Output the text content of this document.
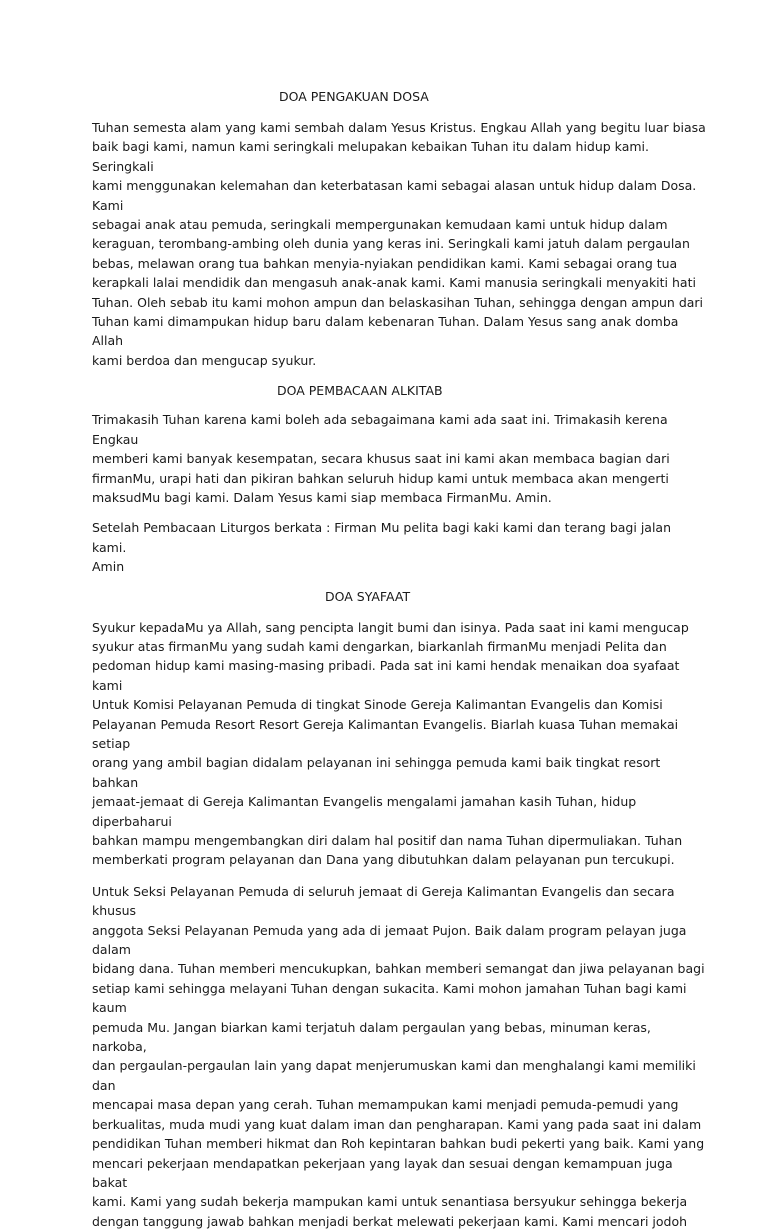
DOA PENGAKUAN DOSA

Tuhan semesta alam yang kami sembah dalam Yesus Kristus. Engkau Allah yang begitu luar biasa
baik bagi kami, namun kami seringkali melupakan kebaikan Tuhan itu dalam hidup kami. Seringkali
kami menggunakan kelemahan dan keterbatasan kami sebagai alasan untuk hidup dalam Dosa. Kami
sebagai anak atau pemuda, seringkali mempergunakan kemudaan kami untuk hidup dalam
keraguan, terombang-ambing oleh dunia yang keras ini. Seringkali kami jatuh dalam pergaulan
bebas, melawan orang tua bahkan menyia-nyiakan pendidikan kami. Kami sebagai orang tua
kerapkali lalai mendidik dan mengasuh anak-anak kami. Kami manusia seringkali menyakiti hati
Tuhan. Oleh sebab itu kami mohon ampun dan belaskasihan Tuhan, sehingga dengan ampun dari
Tuhan kami dimampukan hidup baru dalam kebenaran Tuhan. Dalam Yesus sang anak domba Allah
kami berdoa dan mengucap syukur.

DOA PEMBACAAN ALKITAB

Trimakasih Tuhan karena kami boleh ada sebagaimana kami ada saat ini. Trimakasih kerena Engkau
memberi kami banyak kesempatan, secara khusus saat ini kami akan membaca bagian dari
firmanMu, urapi hati dan pikiran bahkan seluruh hidup kami untuk membaca akan mengerti
maksudMu bagi kami. Dalam Yesus kami siap membaca FirmanMu. Amin.

Setelah Pembacaan Liturgos berkata : Firman Mu pelita bagi kaki kami dan terang bagi jalan kami.
Amin

DOA SYAFAAT

Syukur kepadaMu ya Allah, sang pencipta langit bumi dan isinya. Pada saat ini kami mengucap
syukur atas firmanMu yang sudah kami dengarkan, biarkanlah firmanMu menjadi Pelita dan
pedoman hidup kami masing-masing pribadi. Pada sat ini kami hendak menaikan doa syafaat kami
Untuk Komisi Pelayanan Pemuda di tingkat Sinode Gereja Kalimantan Evangelis dan Komisi
Pelayanan Pemuda Resort Resort Gereja Kalimantan Evangelis. Biarlah kuasa Tuhan memakai setiap
orang yang ambil bagian didalam pelayanan ini sehingga pemuda kami baik tingkat resort bahkan
jemaat-jemaat di Gereja Kalimantan Evangelis mengalami jamahan kasih Tuhan, hidup diperbaharui
bahkan mampu mengembangkan diri dalam hal positif dan nama Tuhan dipermuliakan. Tuhan
memberkati program pelayanan dan Dana yang dibutuhkan dalam pelayanan pun tercukupi.

Untuk Seksi Pelayanan Pemuda di seluruh jemaat di Gereja Kalimantan Evangelis dan secara khusus
anggota Seksi Pelayanan Pemuda yang ada di jemaat Pujon. Baik dalam program pelayan juga dalam
bidang dana. Tuhan memberi mencukupkan, bahkan memberi semangat dan jiwa pelayanan bagi
setiap kami sehingga melayani Tuhan dengan sukacita. Kami mohon jamahan Tuhan bagi kami kaum
pemuda Mu. Jangan biarkan kami terjatuh dalam pergaulan yang bebas, minuman keras, narkoba,
dan pergaulan-pergaulan lain yang dapat menjerumuskan kami dan menghalangi kami memiliki dan
mencapai masa depan yang cerah. Tuhan memampukan kami menjadi pemuda-pemudi yang
berkualitas, muda mudi yang kuat dalam iman dan pengharapan. Kami yang pada saat ini dalam
pendidikan Tuhan memberi hikmat dan Roh kepintaran bahkan budi pekerti yang baik. Kami yang
mencari pekerjaan mendapatkan pekerjaan yang layak dan sesuai dengan kemampuan juga bakat
kami. Kami yang sudah bekerja mampukan kami untuk senantiasa bersyukur sehingga bekerja
dengan tanggung jawab bahkan menjadi berkat melewati pekerjaan kami. Kami mencari jodoh
